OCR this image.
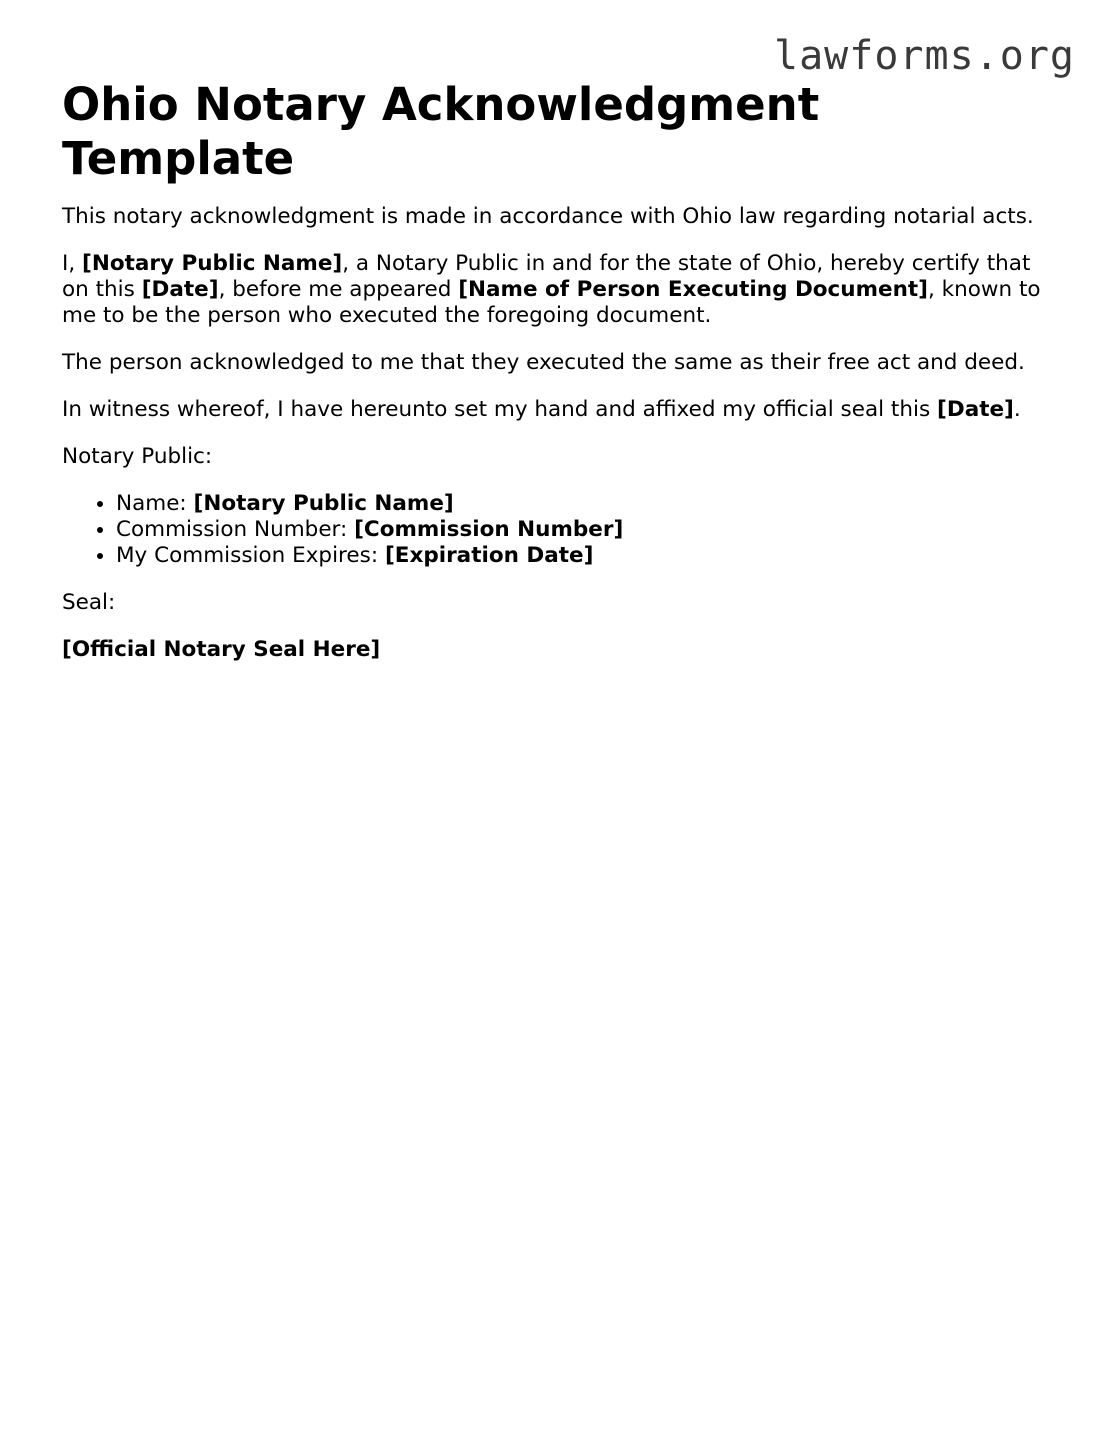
lawforms.org
Ohio Notary Acknowledgment Template

This notary acknowledgment is made in accordance with Ohio law regarding notarial acts.

I, [Notary Public Name], a Notary Public in and for the state of Ohio, hereby certify that on this [Date], before me appeared [Name of Person Executing Document], known to me to be the person who executed the foregoing document.

The person acknowledged to me that they executed the same as their free act and deed.

In witness whereof, I have hereunto set my hand and affixed my official seal this [Date].

Notary Public:

• Name: [Notary Public Name]
• Commission Number: [Commission Number]
• My Commission Expires: [Expiration Date]

Seal:

[Official Notary Seal Here]
